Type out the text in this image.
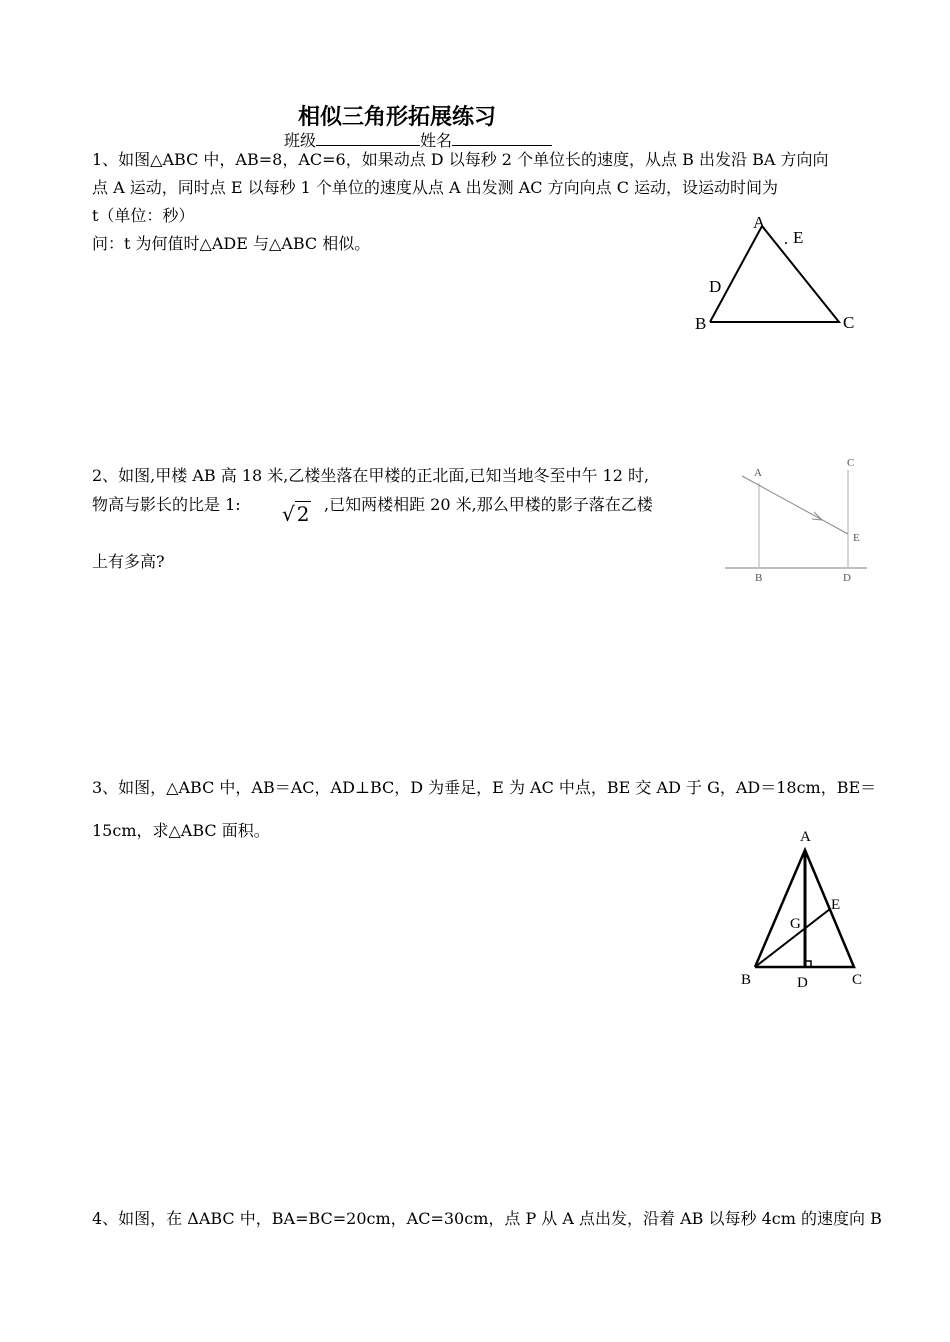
相似三角形拓展练习
班级	姓名
1、如图△ABC 中，AB=8，AC=6，如果动点 D 以每秒 2 个单位长的速度，从点 B 出发沿 BA 方向向
点 A 运动，同时点 E 以每秒 1 个单位的速度从点 A 出发测 AC 方向向点 C 运动，设运动时间为
t（单位：秒）
问：t 为何值时△ADE 与△ABC 相似。
A
E
D
B	C
2、如图,甲楼 AB 高 18 米,乙楼坐落在甲楼的正北面,已知当地冬至中午 12 时,
物高与影长的比是 1: √ 2 ,已知两楼相距 20 米,那么甲楼的影子落在乙楼
上有多高?
A
C
E
B	D
3、如图，△ABC 中，AB＝AC，AD⊥BC，D 为垂足，E 为 AC 中点，BE 交 AD 于 G，AD＝18cm，BE＝
15cm，求△ABC 面积。	A
E
G
B	D	C
4、如图，在 ΔABC 中，BA=BC=20cm，AC=30cm，点 P 从 A 点出发，沿着 AB 以每秒 4cm 的速度向 B
